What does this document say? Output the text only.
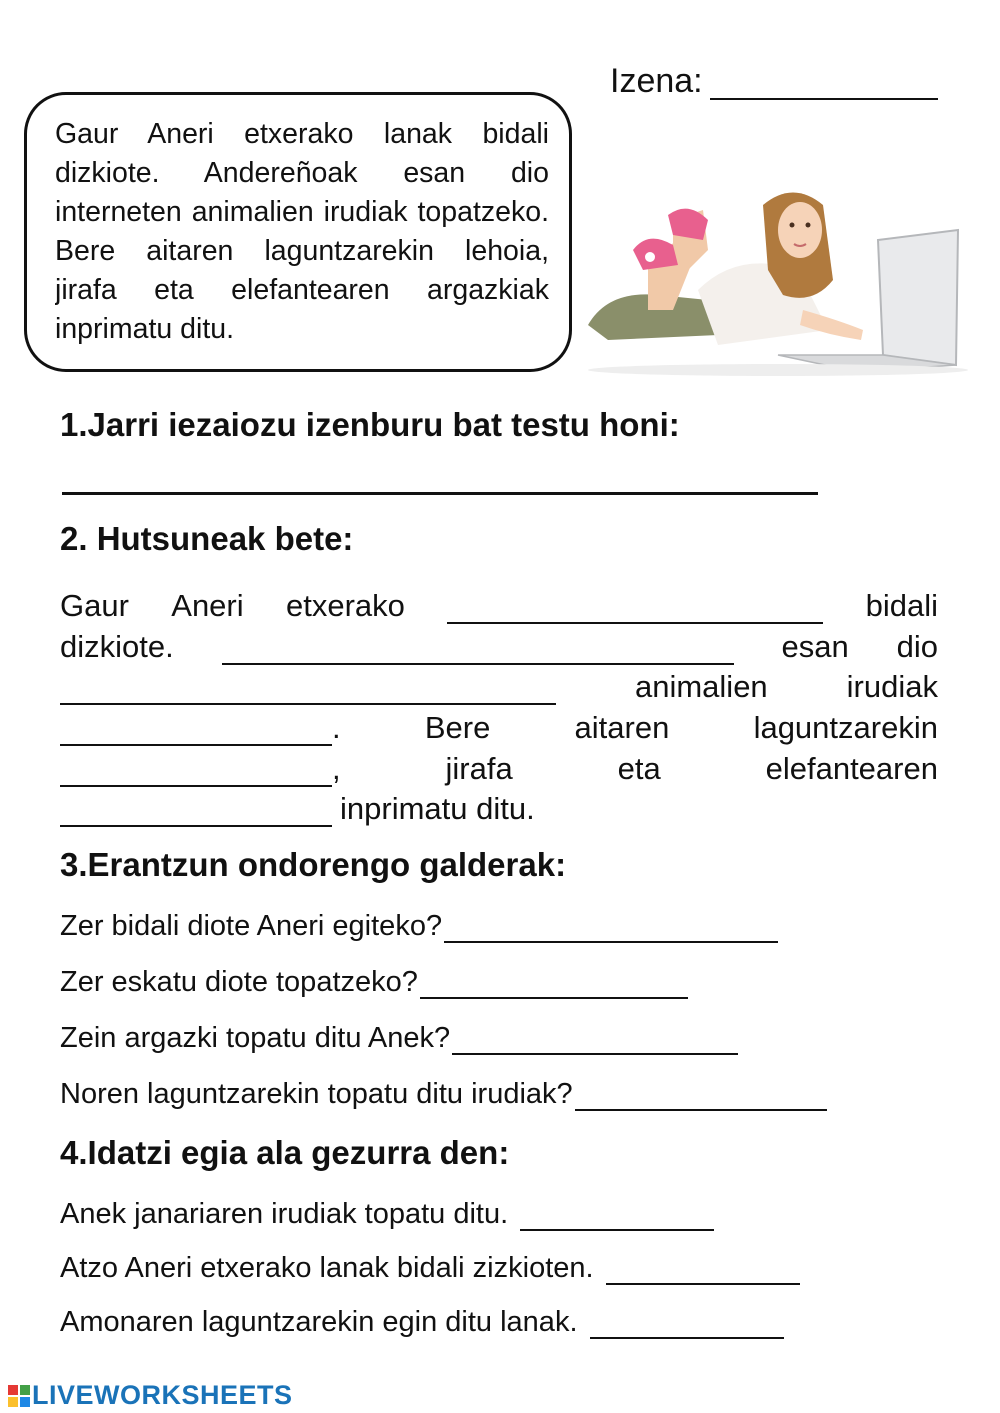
Izena:
Gaur Aneri etxerako lanak bidali dizkiote. Andereñoak esan dio interneten animalien irudiak topatzeko. Bere aitaren laguntzarekin lehoia, jirafa eta elefantearen argazkiak inprimatu ditu.
1.Jarri iezaiozu izenburu bat testu honi:
2. Hutsuneak bete:
Gaur Aneri etxerako	bidali
dizkiote.	esan dio
animalien	irudiak
.	Bere	aitaren	laguntzarekin
,	jirafa	eta	elefantearen
inprimatu ditu.
3.Erantzun ondorengo galderak:
Zer bidali diote Aneri egiteko?
Zer eskatu diote topatzeko?
Zein argazki topatu ditu Anek?
Noren laguntzarekin topatu ditu irudiak?
4.Idatzi egia ala gezurra den:
Anek janariaren irudiak topatu ditu.
Atzo Aneri etxerako lanak bidali zizkioten.
Amonaren laguntzarekin egin ditu lanak.
LIVEWORKSHEETS
